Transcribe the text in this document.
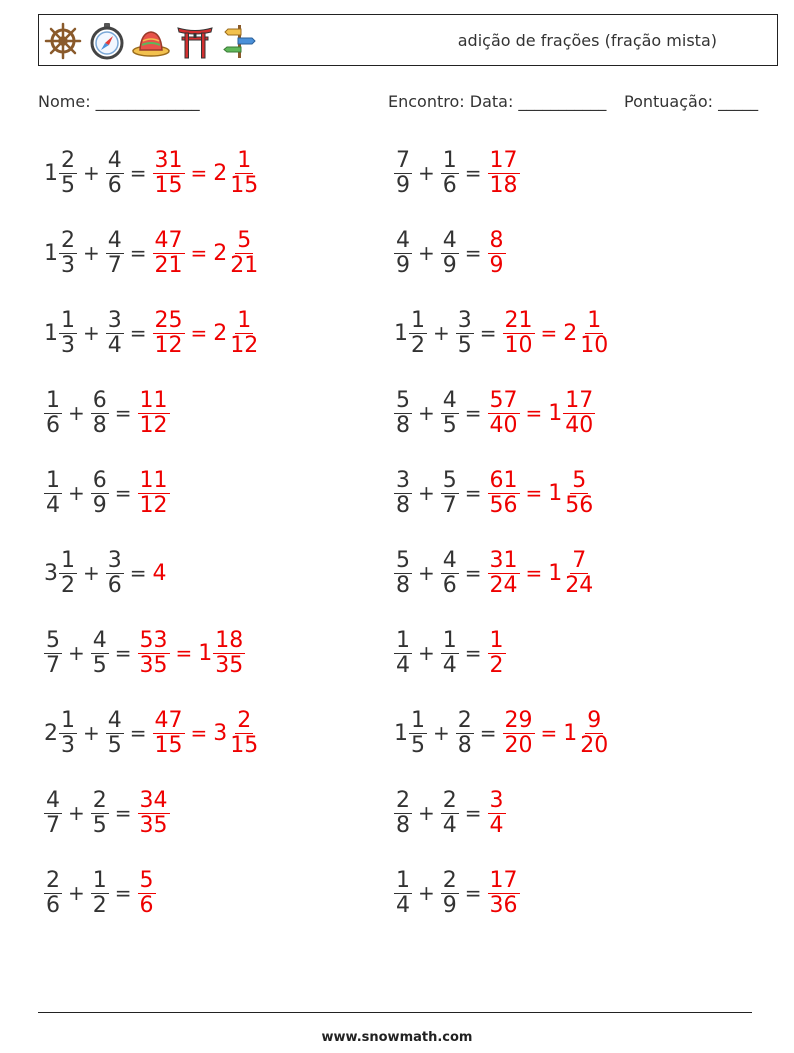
adição de frações (fração mista)
Nome: _____________	Encontro: Data: ___________ Pontuação: _____
$1 \frac{2}{5} + \frac{4}{6} = \frac{31}{15} = 2 \frac{1}{15}$	$\frac{7}{9} + \frac{1}{6} = \frac{17}{18}$
$1 \frac{2}{3} + \frac{4}{7} = \frac{47}{21} = 2 \frac{5}{21}$	$\frac{4}{9} + \frac{4}{9} = \frac{8}{9}$
$1 \frac{1}{3} + \frac{3}{4} = \frac{25}{12} = 2 \frac{1}{12}$	$1 \frac{1}{2} + \frac{3}{5} = \frac{21}{10} = 2 \frac{1}{10}$
$\frac{1}{6} + \frac{6}{8} = \frac{11}{12}$	$\frac{5}{8} + \frac{4}{5} = \frac{57}{40} = 1 \frac{17}{40}$
$\frac{1}{4} + \frac{6}{9} = \frac{11}{12}$	$\frac{3}{8} + \frac{5}{7} = \frac{61}{56} = 1 \frac{5}{56}$
$3 \frac{1}{2} + \frac{3}{6} = 4$	$\frac{5}{8} + \frac{4}{6} = \frac{31}{24} = 1 \frac{7}{24}$
$\frac{5}{7} + \frac{4}{5} = \frac{53}{35} = 1 \frac{18}{35}$	$\frac{1}{4} + \frac{1}{4} = \frac{1}{2}$
$2 \frac{1}{3} + \frac{4}{5} = \frac{47}{15} = 3 \frac{2}{15}$	$1 \frac{1}{5} + \frac{2}{8} = \frac{29}{20} = 1 \frac{9}{20}$
$\frac{4}{7} + \frac{2}{5} = \frac{34}{35}$	$\frac{2}{8} + \frac{2}{4} = \frac{3}{4}$
$\frac{2}{6} + \frac{1}{2} = \frac{5}{6}$	$\frac{1}{4} + \frac{2}{9} = \frac{17}{36}$
www.snowmath.com
